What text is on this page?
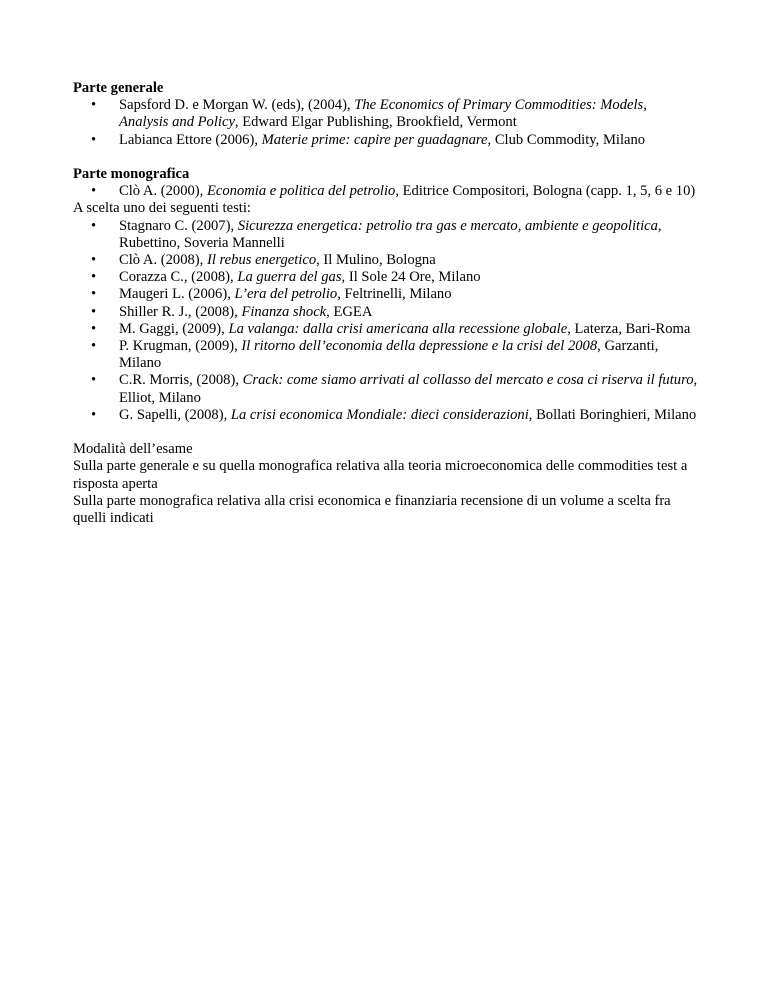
Parte generale
• Sapsford D. e Morgan W. (eds), (2004), The Economics of Primary Commodities: Models, Analysis and Policy, Edward Elgar Publishing, Brookfield, Vermont
• Labianca Ettore (2006), Materie prime: capire per guadagnare, Club Commodity, Milano
Parte monografica
• Clò A. (2000), Economia e politica del petrolio, Editrice Compositori, Bologna (capp. 1, 5, 6 e 10)
A scelta uno dei seguenti testi:
• Stagnaro C. (2007), Sicurezza energetica: petrolio tra gas e mercato, ambiente e geopolitica, Rubettino, Soveria Mannelli
• Clò A. (2008), Il rebus energetico, Il Mulino, Bologna
• Corazza C., (2008), La guerra del gas, Il Sole 24 Ore, Milano
• Maugeri L. (2006), L’era del petrolio, Feltrinelli, Milano
• Shiller R. J., (2008), Finanza shock, EGEA
• M. Gaggi, (2009), La valanga: dalla crisi americana alla recessione globale, Laterza, Bari-Roma
• P. Krugman, (2009), Il ritorno dell’economia della depressione e la crisi del 2008, Garzanti, Milano
• C.R. Morris, (2008), Crack: come siamo arrivati al collasso del mercato e cosa ci riserva il futuro, Elliot, Milano
• G. Sapelli, (2008), La crisi economica Mondiale: dieci considerazioni, Bollati Boringhieri, Milano
Modalità dell’esame
Sulla parte generale e su quella monografica relativa alla teoria microeconomica delle commodities test a risposta aperta
Sulla parte monografica relativa alla crisi economica e finanziaria recensione di un volume a scelta fra quelli indicati
